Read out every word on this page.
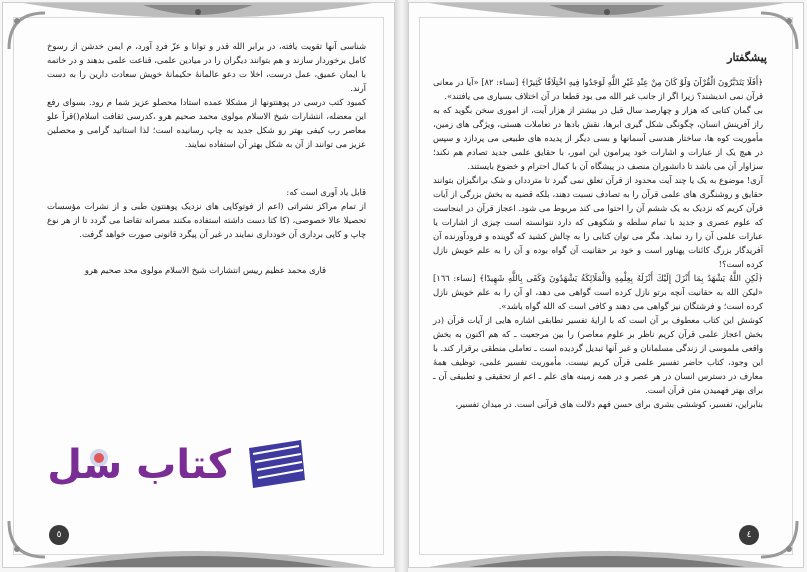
شناسی آنها تقویت یافته، در برابر الله قدر و توانا و عزّ فردِ آورد، م ایمن خدشن از رسوخ کامل برخوردار سازند و هم بتوانند دیگران را در میادین علمی، قناعت علمی بدهند و در خاتمه با ایمان عمیق، عمل درست، اخلا ت دعو عالمانهٔ حکیمانهٔ خویش سعادت دارین را به دست آرند.

کمبود کتب درسی در پوهنتونها از مشکلا عمده استادا محصلو عزیز شما م رود. بسوای رفع این معضله، انتشارات شیخ الاسلام مولوی محمد صحیم هرو ،کدرسی ثقافت اسلام()قرآ علو معاصر رب کیفی بهتر رو شکل جدید به چاپ رسانیده است؛ لذا استاتید گرامی و محصلین عزیز می توانند از آن به شکل بهتر آن استفاده نمایند.

قابل یاد آوری است که:

از تمام مراکز نشراتی (اعم از فوتوکاپی های نزدیک پوهنتون طبی و از نشرات مؤسسات تحصیلا عالا خصوصی، (کا کتا دست داشته استفاده مکنند مصرانه تقاضا می گردد تا از هر نوع چاپ و کاپی برداری آن خودداری نمایند در غیر آن پیگرد قانونی صورت خواهد گرفت.

قاری محمد عظیم رییس انتشارات شیخ الاسلام مولوی محد صحیم هرو

کتاب سل
٥
پیشگفتار

﴿أَفَلَا يَتَدَبَّرُونَ الْقُرْآنَ وَلَوْ كَانَ مِنْ عِنْدِ غَيْرِ اللَّهِ لَوَجَدُوا فِيهِ اخْتِلَافًا كَثِيرًا﴾ [نساء: ٨٢] «آیا در معانی قرآن نمی اندیشند؟ زیرا اگر از جانب غیر الله می بود قطعا در آن اختلاف بسیاری می یافتند».

بی گمان کتابی که هزار و چهارصد سال قبل در بیشتر از هزار آیت، از اموری سخن بگوید که به راز آفرینش انسان، چگونگی شکل گیری ابرها، نقش بادها در تعاملات هستی، ویژگی های زمین، مأموریت کوه ها، ساختار هندسی آسمانها و بسی دیگر از پدیده های طبیعی می پردازد و سپس در هیچ یک از عبارات و اشارات خود پیرامون این امور، با حقایق علمی جدید تصادم هم نکند؛ سزاوار آن می باشد تا دانشوران منصف در پیشگاه آن با کمال احترام و خضوع بایستند.

آری! موضوع به یک یا چند آیت محدود از قرآن تعلق نمی گیرد تا متردداں و شک برانگیزان بتوانند حقایق و روشنگری های علمی قرآن را به تصادف نسبت دهند، بلکه قضیه به بخش بزرگی از آیات قرآن کریم که نزدیک به یک ششم آن را احتوا می کند مربوط می شود. اعجاز قرآن در اینجاست که علوم عصری و جدید با تمام سلطه و شکوهی که دارد نتوانسته است چیزی از اشارات یا عبارات علمی آن را رد نماید. مگر می توان کتابی را به چالش کشید که گوینده و فرودآورنده آن آفریدگار بزرگ کائنات پهناور است و خود بر حقانیت آن گواه بوده و آن را به علم خویش نازل کرده است؟!

﴿لَكِنِ اللَّهُ يَشْهَدُ بِمَا أَنْزَلَ إِلَيْكَ أَنْزَلَهُ بِعِلْمِهِ وَالْمَلَائِكَةُ يَشْهَدُونَ وَكَفَى بِاللَّهِ شَهِيدًا﴾ [نساء: ١٦٦] «لیکن الله به حقانیت آنچه برتو نازل کرده است گواهی می دهد، او آن را به علم خویش نازل کرده است؛ و فرشتگان نیز گواهی می دهند و کافی است که الله گواه باشد».

کوشش این کتاب معطوف بر آن است که با ارایهٔ تفسیر تطابقی اشاره هایی از آیات قرآن (در بخش اعجاز علمی قرآن کریم ناظر بر علوم معاصر) را بین مرجعیت ـ که هم اکنون به بخش واقعی ملموسی از زندگی مسلمانان و غیر آنها تبدیل گردیده است ـ تعاملی منطقی برقرار کند. با این وجود، کتاب حاضر تفسیر علمی قرآن کریم نیست. مأموریت تفسیر علمی، توظیف همهٔ معارف در دسترس انسان در هر عصر و در همه زمینه های علم ـ اعم از تحقیقی و تطبیقی آن ـ برای بهتر فهمیدن متن قرآن است.

بنابراین، تفسیر، کوششی بشری برای حسن فهم دلالت های قرآنی است. در میدان تفسیر،

٤
